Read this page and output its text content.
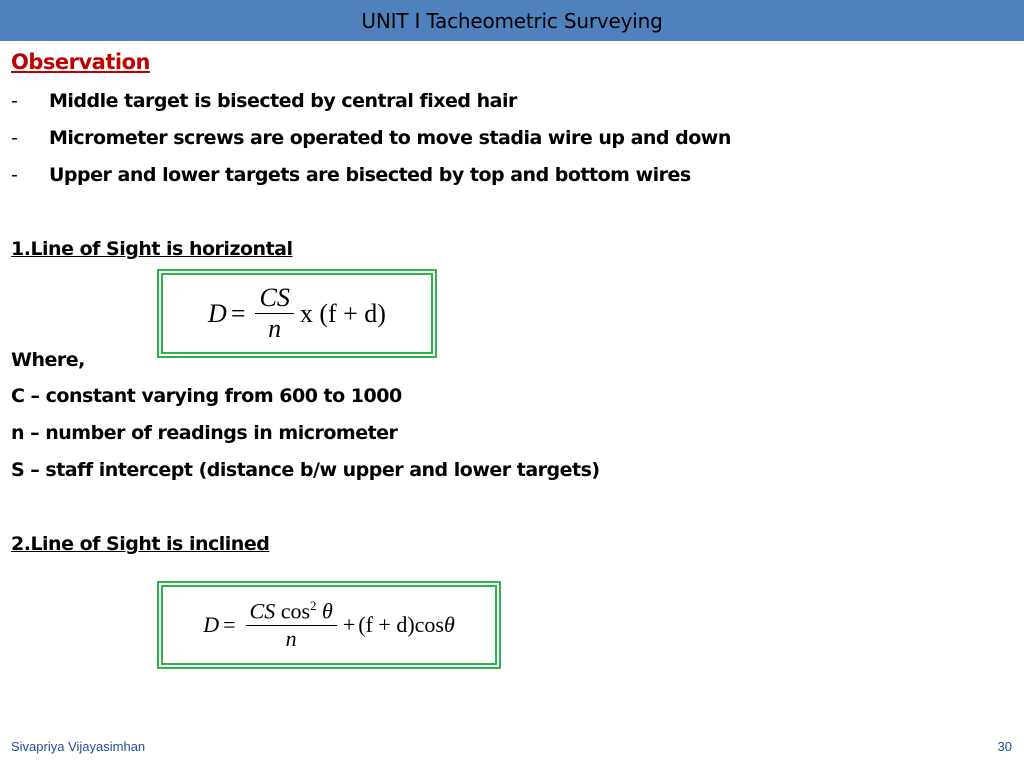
UNIT I Tacheometric Surveying
Observation
- Middle target is bisected by central fixed hair
- Micrometer screws are operated to move stadia wire up and down
- Upper and lower targets are bisected by top and bottom wires
1.Line of Sight is horizontal
$D = \frac{CS}{n}$ x (f + d)
Where,
C – constant varying from 600 to 1000
n – number of readings in micrometer
S – staff intercept (distance b/w upper and lower targets)
2.Line of Sight is inclined
$D = \frac{CS \cos^2 \theta}{n} + (f + d)\cos$ θ
Sivapriya Vijayasimhan	30
